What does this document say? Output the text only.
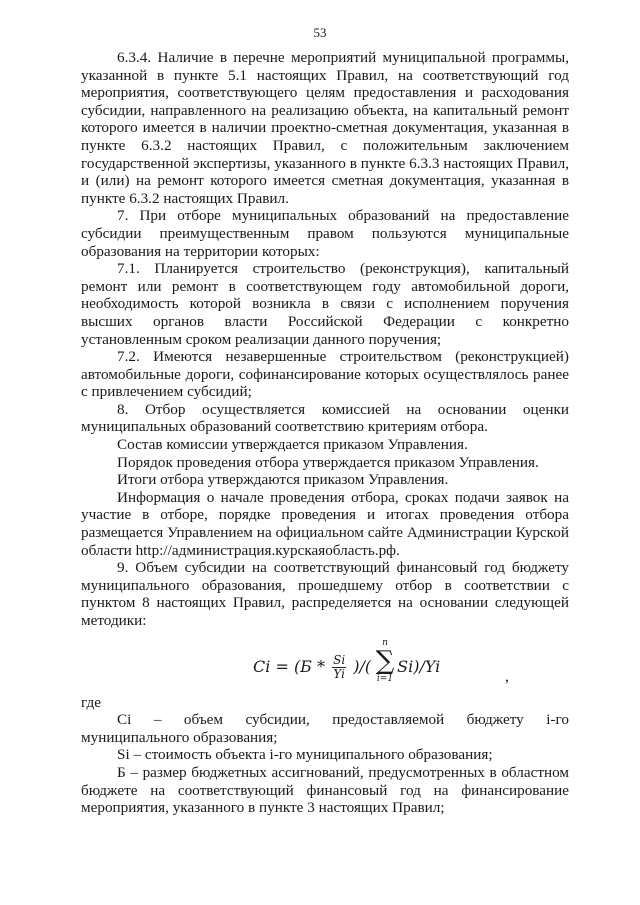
53

6.3.4. Наличие в перечне мероприятий муниципальной программы, указанной в пункте 5.1 настоящих Правил, на соответствующий год мероприятия, соответствующего целям предоставления и расходования субсидии, направленного на реализацию объекта, на капитальный ремонт которого имеется в наличии проектно-сметная документация, указанная в пункте 6.3.2 настоящих Правил, с положительным заключением государственной экспертизы, указанного в пункте 6.3.3 настоящих Правил, и (или) на ремонт которого имеется сметная документация, указанная в пункте 6.3.2 настоящих Правил.

7. При отборе муниципальных образований на предоставление субсидии преимущественным правом пользуются муниципальные образования на территории которых:

7.1. Планируется строительство (реконструкция), капитальный ремонт или ремонт в соответствующем году автомобильной дороги, необходимость которой возникла в связи с исполнением поручения высших органов власти Российской Федерации с конкретно установленным сроком реализации данного поручения;

7.2. Имеются незавершенные строительством (реконструкцией) автомобильные дороги, софинансирование которых осуществлялось ранее с привлечением субсидий;

8. Отбор осуществляется комиссией на основании оценки муниципальных образований соответствию критериям отбора.

Состав комиссии утверждается приказом Управления.

Порядок проведения отбора утверждается приказом Управления.

Итоги отбора утверждаются приказом Управления.

Информация о начале проведения отбора, сроках подачи заявок на участие в отборе, порядке проведения и итогах проведения отбора размещается Управлением на официальном сайте Администрации Курской области http://администрация.курскаяобласть.рф.

9. Объем субсидии на соответствующий финансовый год бюджету муниципального образования, прошедшему отбор в соответствии с пунктом 8 настоящих Правил, распределяется на основании следующей методики:

$Ci = (Б * \frac{Si}{Yi}$ )/( Si)/Yi
n
∑
i=1	,

где

Ci – объем субсидии, предоставляемой бюджету i-го

муниципального образования;

Si – стоимость объекта i-го муниципального образования;

Б – размер бюджетных ассигнований, предусмотренных в областном бюджете на соответствующий финансовый год на финансирование мероприятия, указанного в пункте 3 настоящих Правил;
